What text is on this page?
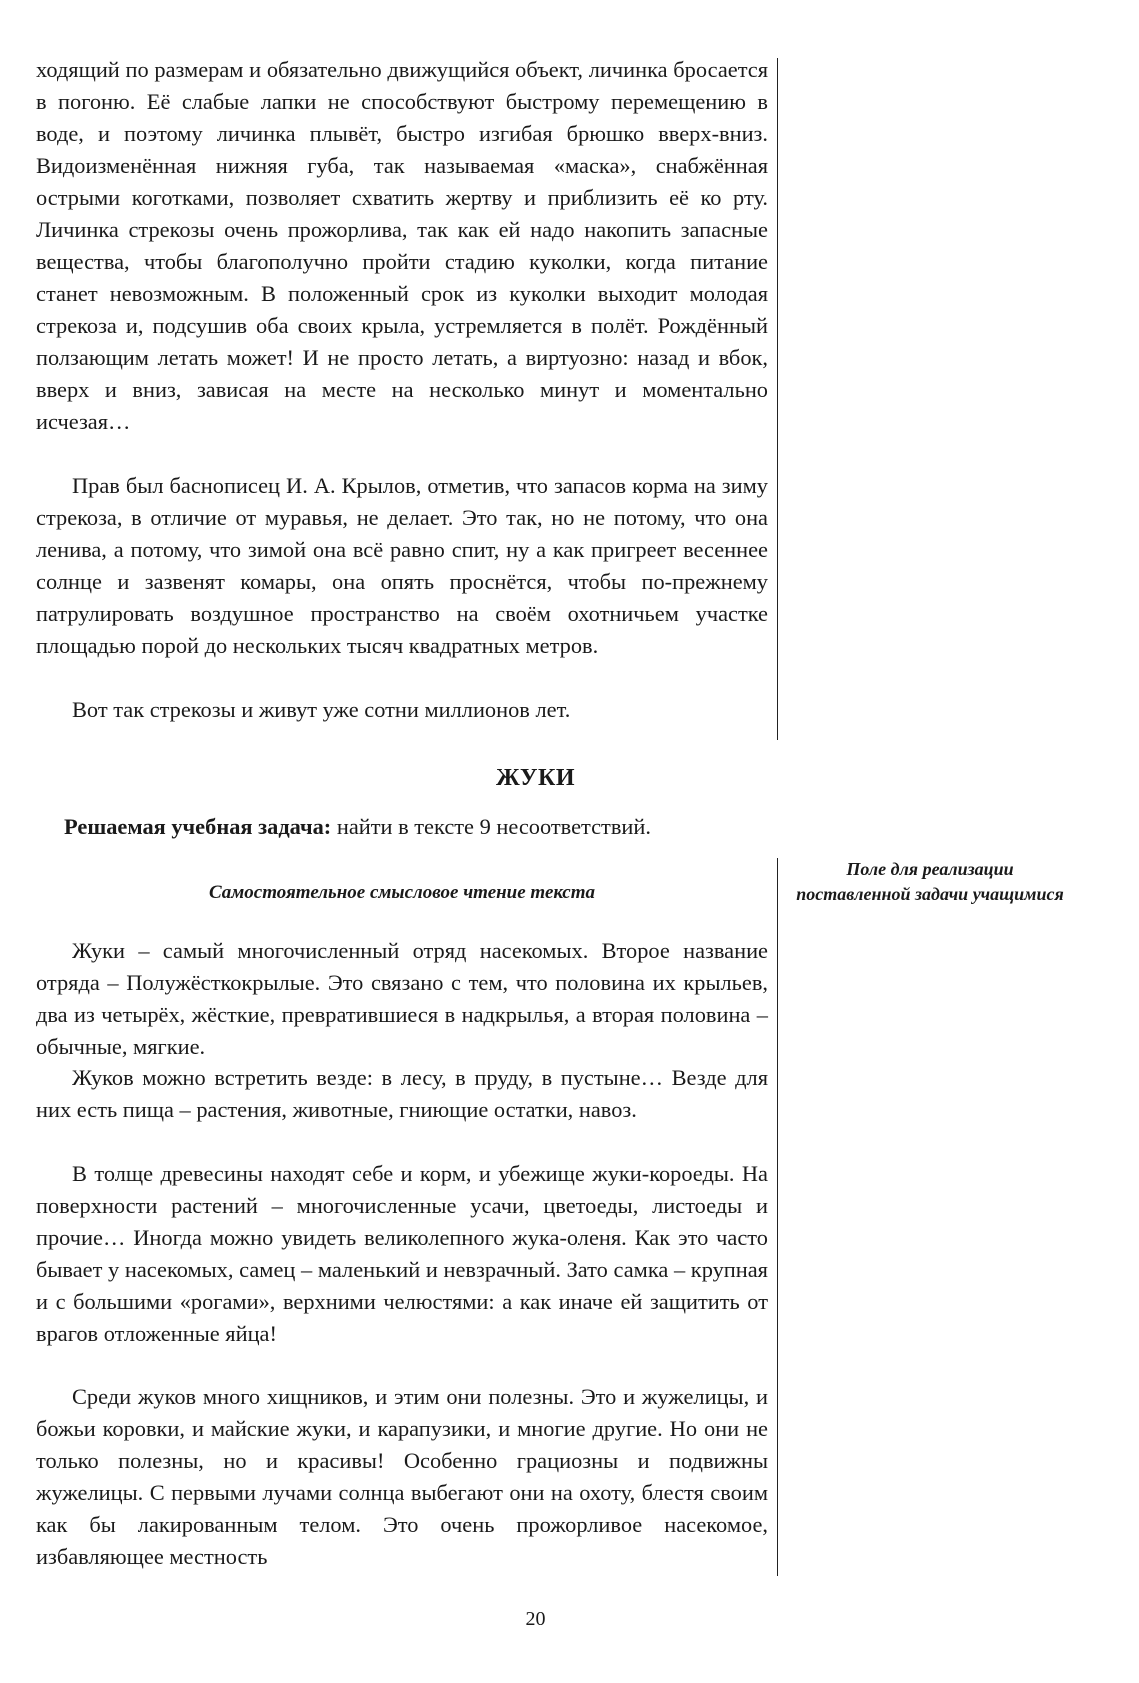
ходящий по размерам и обязательно движущийся объект, личинка бросается в погоню. Её слабые лапки не способствуют быстрому перемещению в воде, и поэтому личинка плывёт, быстро изгибая брюшко вверх-вниз. Видоизменённая нижняя губа, так называемая «маска», снабжённая острыми коготками, позволяет схватить жертву и приблизить её ко рту. Личинка стрекозы очень прожорлива, так как ей надо накопить запасные вещества, чтобы благополучно пройти стадию куколки, когда питание станет невозможным. В положенный срок из куколки выходит молодая стрекоза и, подсушив оба своих крыла, устремляется в полёт. Рождённый ползающим летать может! И не просто летать, а виртуозно: назад и вбок, вверх и вниз, зависая на месте на несколько минут и моментально исчезая…

Прав был баснописец И. А. Крылов, отметив, что запасов корма на зиму стрекоза, в отличие от муравья, не делает. Это так, но не потому, что она ленива, а потому, что зимой она всё равно спит, ну а как пригреет весеннее солнце и зазвенят комары, она опять проснётся, чтобы по-прежнему патрулировать воздушное пространство на своём охотничьем участке площадью порой до нескольких тысяч квадратных метров.

Вот так стрекозы и живут уже сотни миллионов лет.

ЖУКИ

Решаемая учебная задача: найти в тексте 9 несоответствий.

Самостоятельное смысловое чтение текста

Поле для реализации поставленной задачи учащимися

Жуки – самый многочисленный отряд насекомых. Второе название отряда – Полужёсткокрылые. Это связано с тем, что половина их крыльев, два из четырёх, жёсткие, превратившиеся в надкрылья, а вторая половина – обычные, мягкие.

Жуков можно встретить везде: в лесу, в пруду, в пустыне… Везде для них есть пища – растения, животные, гниющие остатки, навоз.

В толще древесины находят себе и корм, и убежище жуки-короеды. На поверхности растений – многочисленные усачи, цветоеды, листоеды и прочие… Иногда можно увидеть великолепного жука-оленя. Как это часто бывает у насекомых, самец – маленький и невзрачный. Зато самка – крупная и с большими «рогами», верхними челюстями: а как иначе ей защитить от врагов отложенные яйца!

Среди жуков много хищников, и этим они полезны. Это и жужелицы, и божьи коровки, и майские жуки, и карапузики, и многие другие. Но они не только полезны, но и красивы! Особенно грациозны и подвижны жужелицы. С первыми лучами солнца выбегают они на охоту, блестя своим как бы лакированным телом. Это очень прожорливое насекомое, избавляющее местность

20
